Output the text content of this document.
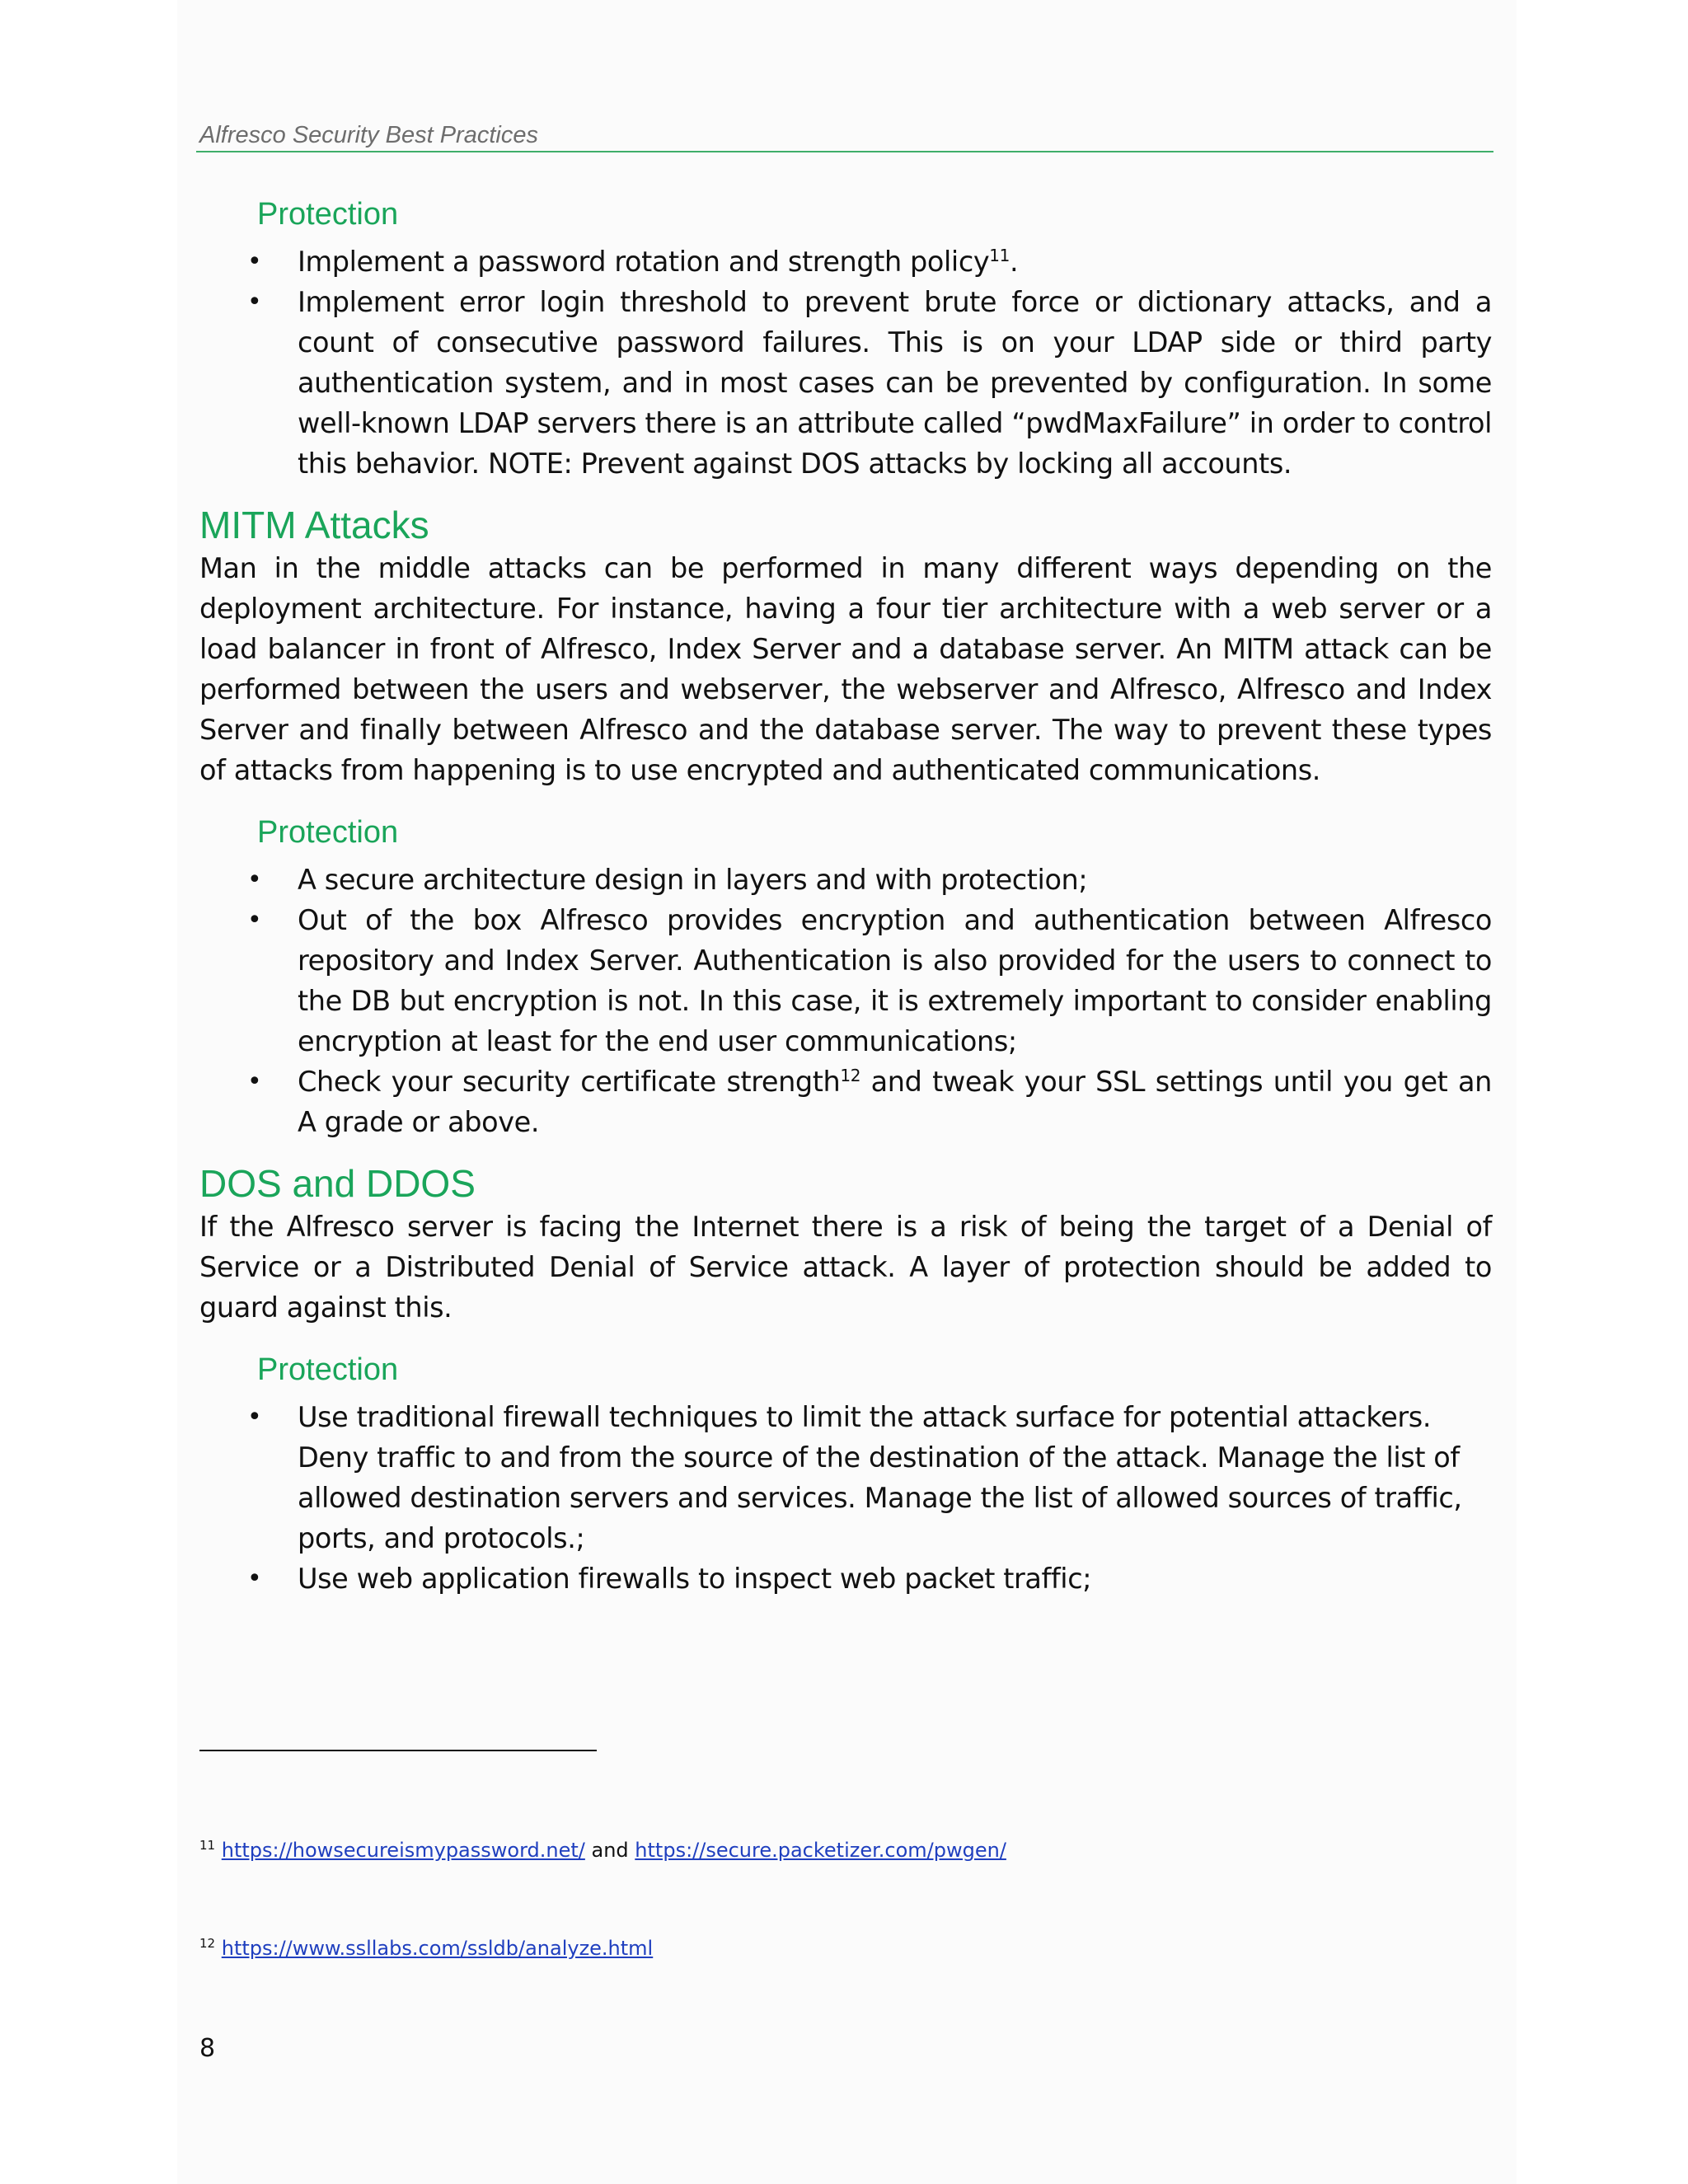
Alfresco Security Best Practices
Protection
• Implement a password rotation and strength policy$^{11}$.
• Implement error login threshold to prevent brute force or dictionary attacks, and a count of consecutive password failures. This is on your LDAP side or third party authentication system, and in most cases can be prevented by configuration. In some well-known LDAP servers there is an attribute called “pwdMaxFailure” in order to control this behavior. NOTE: Prevent against DOS attacks by locking all accounts.
MITM Attacks

Man in the middle attacks can be performed in many different ways depending on the deployment architecture. For instance, having a four tier architecture with a web server or a load balancer in front of Alfresco, Index Server and a database server. An MITM attack can be performed between the users and webserver, the webserver and Alfresco, Alfresco and Index Server and finally between Alfresco and the database server. The way to prevent these types of attacks from happening is to use encrypted and authenticated communications.

Protection
• A secure architecture design in layers and with protection;
• Out of the box Alfresco provides encryption and authentication between Alfresco repository and Index Server. Authentication is also provided for the users to connect to the DB but encryption is not. In this case, it is extremely important to consider enabling encryption at least for the end user communications;
• Check your security certificate strength$^{12}$ and tweak your SSL settings until you get an A grade or above.
DOS and DDOS

If the Alfresco server is facing the Internet there is a risk of being the target of a Denial of Service or a Distributed Denial of Service attack. A layer of protection should be added to guard against this.

Protection
• Use traditional firewall techniques to limit the attack surface for potential attackers. Deny traffic to and from the source of the destination of the attack. Manage the list of allowed destination servers and services. Manage the list of allowed sources of traffic, ports, and protocols.;
• Use web application firewalls to inspect web packet traffic;
$^{11}$ https://howsecureismypassword.net/ and https://secure.packetizer.com/pwgen/
$^{12}$ https://www.ssllabs.com/ssldb/analyze.html
8
